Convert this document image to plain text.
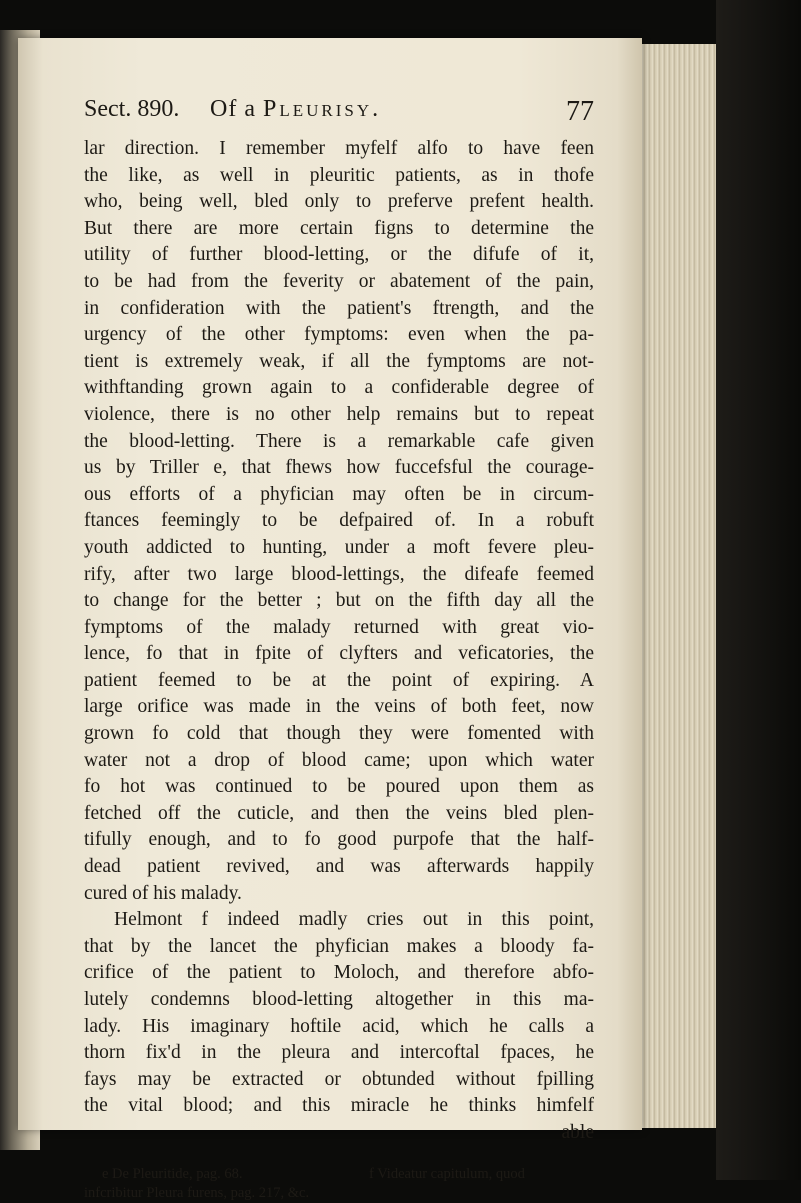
Sect. 890. Of a Pleurisy.	77
lar direction. I remember myfelf alfo to have feen
the like, as well in pleuritic patients, as in thofe
who, being well, bled only to preferve prefent health.
But there are more certain figns to determine the
utility of further blood-letting, or the difufe of it,
to be had from the feverity or abatement of the pain,
in confideration with the patient's ftrength, and the
urgency of the other fymptoms: even when the pa-
tient is extremely weak, if all the fymptoms are not-
withftanding grown again to a confiderable degree of
violence, there is no other help remains but to repeat
the blood-letting. There is a remarkable cafe given
us by Triller e, that fhews how fuccefsful the courage-
ous efforts of a phyfician may often be in circum-
ftances feemingly to be defpaired of. In a robuft
youth addicted to hunting, under a moft fevere pleu-
rify, after two large blood-lettings, the difeafe feemed
to change for the better ; but on the fifth day all the
fymptoms of the malady returned with great vio-
lence, fo that in fpite of clyfters and veficatories, the
patient feemed to be at the point of expiring. A
large orifice was made in the veins of both feet, now
grown fo cold that though they were fomented with
water not a drop of blood came; upon which water
fo hot was continued to be poured upon them as
fetched off the cuticle, and then the veins bled plen-
tifully enough, and to fo good purpofe that the half-
dead patient revived, and was afterwards happily
cured of his malady.
Helmont f indeed madly cries out in this point,
that by the lancet the phyfician makes a bloody fa-
crifice of the patient to Moloch, and therefore abfo-
lutely condemns blood-letting altogether in this ma-
lady. His imaginary hoftile acid, which he calls a
thorn fix'd in the pleura and intercoftal fpaces, he
fays may be extracted or obtunded without fpilling
the vital blood; and this miracle he thinks himfelf
able
e De Pleuritide, pag. 68.	f Videatur capitulum, quod
infcribitur Pleura furens, pag. 217, &c.
